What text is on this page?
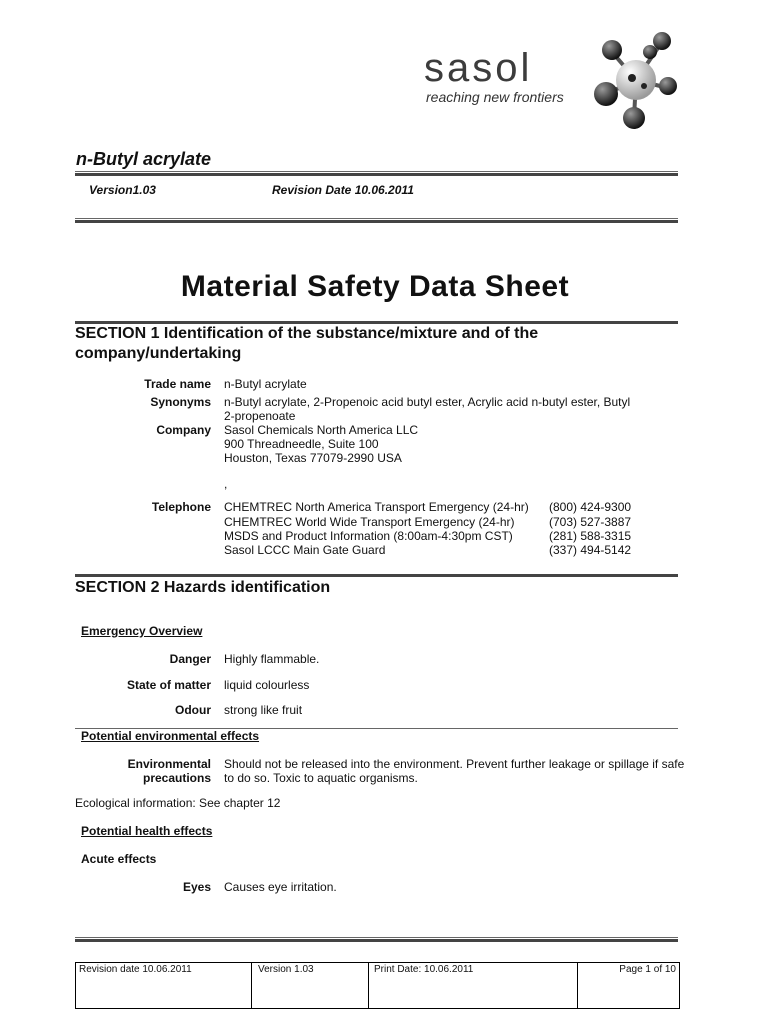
sasol
reaching new frontiers
n-Butyl acrylate
Version1.03	Revision Date 10.06.2011
Material Safety Data Sheet
SECTION 1 Identification of the substance/mixture and of the company/undertaking
Trade name n-Butyl acrylate
Synonyms n-Butyl acrylate, 2-Propenoic acid butyl ester, Acrylic acid n-butyl ester, Butyl
2-propenoate
Company Sasol Chemicals North America LLC
900 Threadneedle, Suite 100
Houston, Texas 77079-2990 USA
,
Telephone CHEMTREC North America Transport Emergency (24-hr) (800) 424-9300
CHEMTREC World Wide Transport Emergency (24-hr)	(703) 527-3887
MSDS and Product Information (8:00am-4:30pm CST)	(281) 588-3315
Sasol LCCC Main Gate Guard	(337) 494-5142
SECTION 2 Hazards identification
Emergency Overview
Danger Highly flammable.
State of matter liquid colourless
Odour strong like fruit
Potential environmental effects
Environmental
precautions
Should not be released into the environment. Prevent further leakage or spillage if safe
to do so. Toxic to aquatic organisms.
Ecological information: See chapter 12
Potential health effects
Acute effects
Eyes Causes eye irritation.
Revision date 10.06.2011	Version 1.03	Print Date: 10.06.2011	Page 1 of 10
